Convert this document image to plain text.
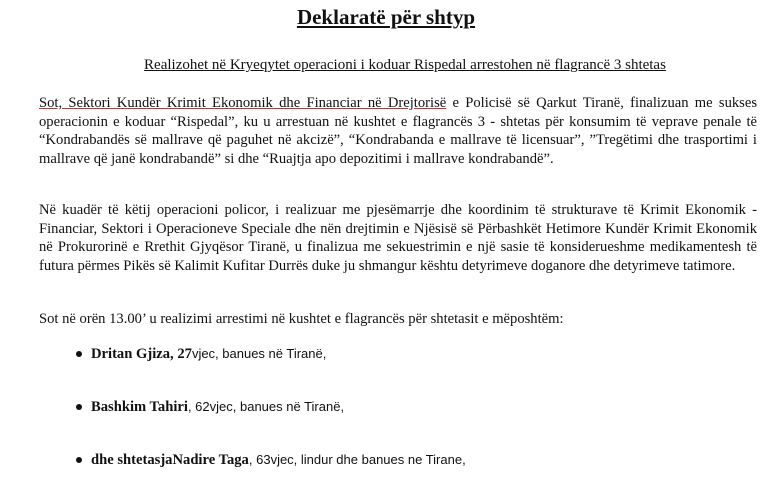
Deklaratë për shtyp
Realizohet në Kryeqytet operacioni i koduar Rispedal arrestohen në flagrancë 3 shtetas

Sot, Sektori Kundër Krimit Ekonomik dhe Financiar në Drejtorisë e Policisë së Qarkut Tiranë, finalizuan me sukses operacionin e koduar “Rispedal”, ku u arrestuan në kushtet e flagrancës 3 - shtetas për konsumim të veprave penale të “Kondrabandës së mallrave që paguhet në akcizë”, “Kondrabanda e mallrave të licensuar”, ”Tregëtimi dhe trasportimi i mallrave që janë kondrabandë” si dhe “Ruajtja apo depozitimi i mallrave kondrabandë”.

Në kuadër të këtij operacioni policor, i realizuar me pjesëmarrje dhe koordinim të strukturave të Krimit Ekonomik - Financiar, Sektori i Operacioneve Speciale dhe nën drejtimin e Njësisë së Përbashkët Hetimore Kundër Krimit Ekonomik në Prokurorinë e Rrethit Gjyqësor Tiranë, u finalizua me sekuestrimin e një sasie të konsiderueshme medikamentesh të futura përmes Pikës së Kalimit Kufitar Durrës duke ju shmangur kështu detyrimeve doganore dhe detyrimeve tatimore.

Sot në orën 13.00’ u realizimi arrestimi në kushtet e flagrancës për shtetasit e mëposhtëm:

Dritan Gjiza , 27 vjec, banues në Tiranë,
Bashkim Tahiri , 62 vjec, banues në Tiranë,
dhe shtetasja Nadire Taga , 63 vjec, lindur dhe banues ne Tirane,
